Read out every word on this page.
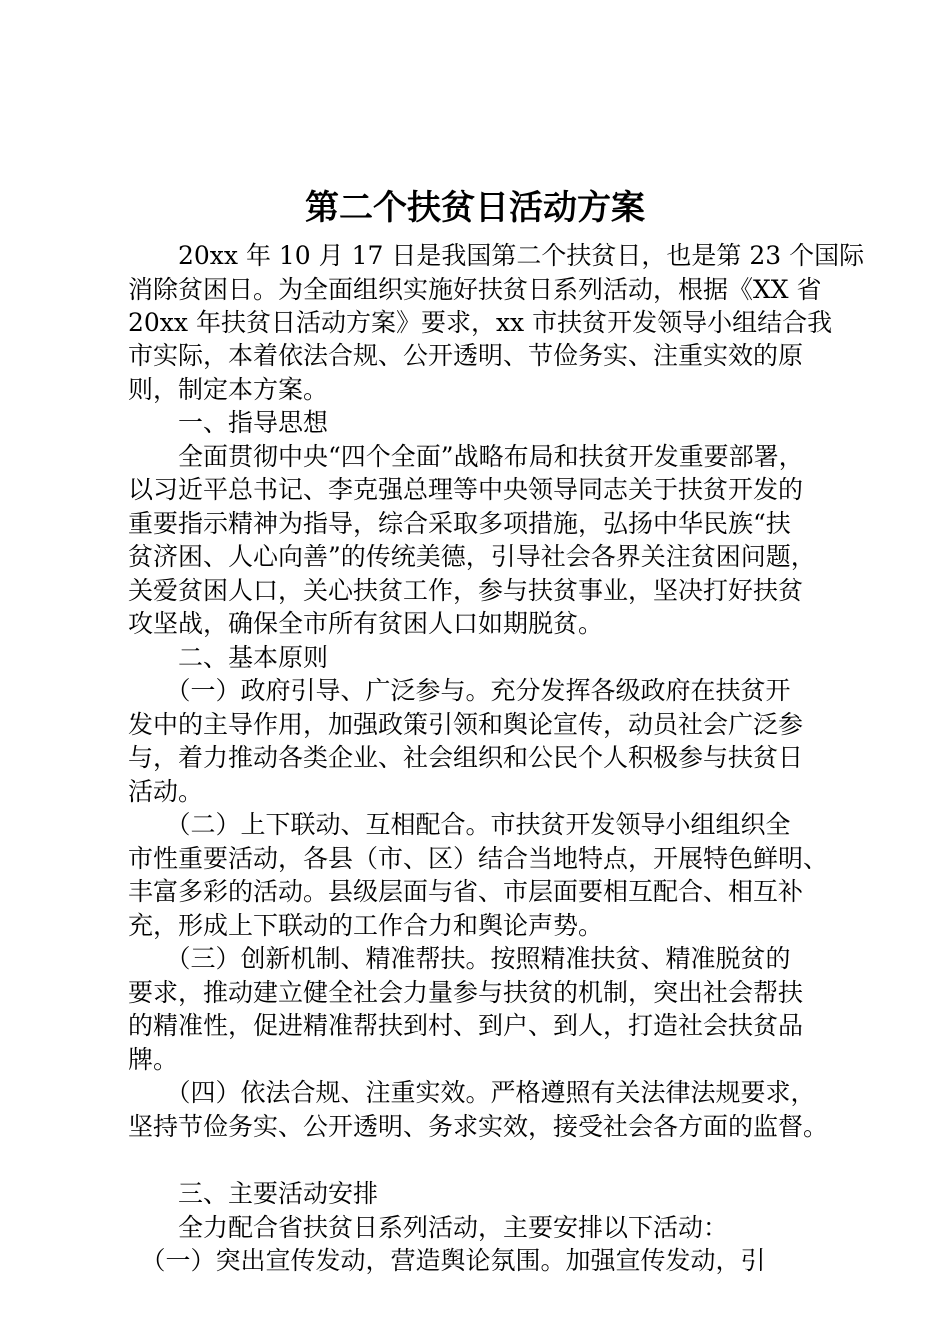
第二个扶贫日活动方案
　　20xx 年 10 月 17 日是我国第二个扶贫日，也是第 23 个国际
消除贫困日。为全面组织实施好扶贫日系列活动，根据《XX 省
20xx 年扶贫日活动方案》要求，xx 市扶贫开发领导小组结合我
市实际，本着依法合规、公开透明、节俭务实、注重实效的原
则，制定本方案。
　　一、指导思想
　　全面贯彻中央“四个全面”战略布局和扶贫开发重要部署，
以习近平总书记、李克强总理等中央领导同志关于扶贫开发的
重要指示精神为指导，综合采取多项措施，弘扬中华民族“扶
贫济困、人心向善”的传统美德，引导社会各界关注贫困问题，
关爱贫困人口，关心扶贫工作，参与扶贫事业，坚决打好扶贫
攻坚战，确保全市所有贫困人口如期脱贫。
　　二、基本原则
　　（一）政府引导、广泛参与。充分发挥各级政府在扶贫开
发中的主导作用，加强政策引领和舆论宣传，动员社会广泛参
与，着力推动各类企业、社会组织和公民个人积极参与扶贫日
活动。
　　（二）上下联动、互相配合。市扶贫开发领导小组组织全
市性重要活动，各县（市、区）结合当地特点，开展特色鲜明、
丰富多彩的活动。县级层面与省、市层面要相互配合、相互补
充，形成上下联动的工作合力和舆论声势。
　　（三）创新机制、精准帮扶。按照精准扶贫、精准脱贫的
要求，推动建立健全社会力量参与扶贫的机制，突出社会帮扶
的精准性，促进精准帮扶到村、到户、到人，打造社会扶贫品
牌。
　　（四）依法合规、注重实效。严格遵照有关法律法规要求，
坚持节俭务实、公开透明、务求实效，接受社会各方面的监督。
　　三、主要活动安排
　　全力配合省扶贫日系列活动，主要安排以下活动：
　（一）突出宣传发动，营造舆论氛围。加强宣传发动，引
